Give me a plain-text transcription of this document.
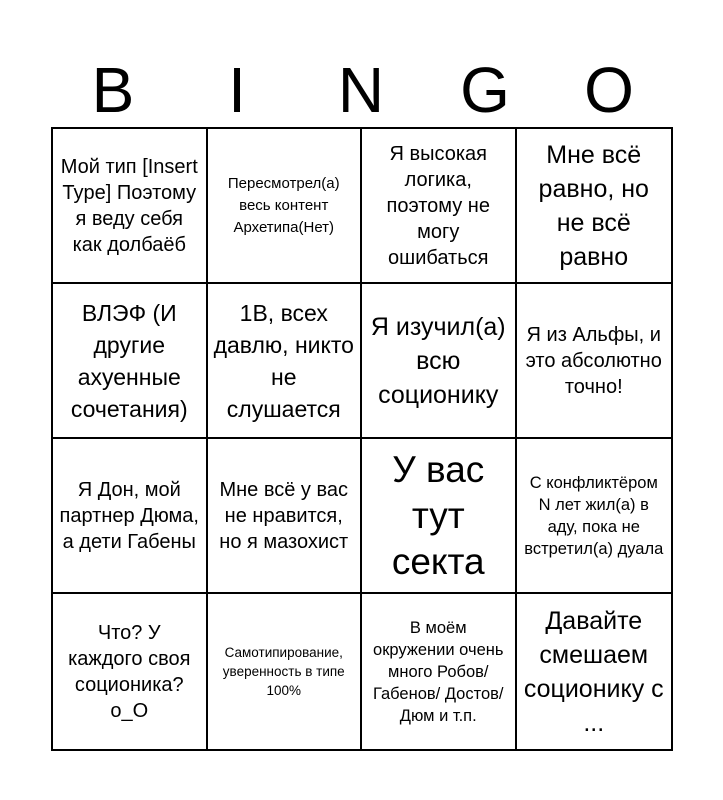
B	I	N	G	O
Мой тип [Insert Type] Поэтому я веду себя как долбаёб
Пересмотрел(а) весь контент Архетипа(Нет)
Я высокая логика, поэтому не могу ошибаться
Мне всё равно, но не всё равно
ВЛЭФ (И другие ахуенные сочетания)
1В, всех давлю, никто не слушается
Я изучил(а) всю соционику
Я из Альфы, и это абсолютно точно!
Я Дон, мой партнер Дюма, а дети Габены
Мне всё у вас не нравится, но я мазохист
У вас тут секта
С конфликтёром N лет жил(а) в аду, пока не встретил(а) дуала
Что? У каждого своя соционика? о_О
Самотипирование, уверенность в типе 100%
В моём окружении очень много Робов/Габенов/ Достов/Дюм и т.п.
Давайте смешаем соционику с ...
